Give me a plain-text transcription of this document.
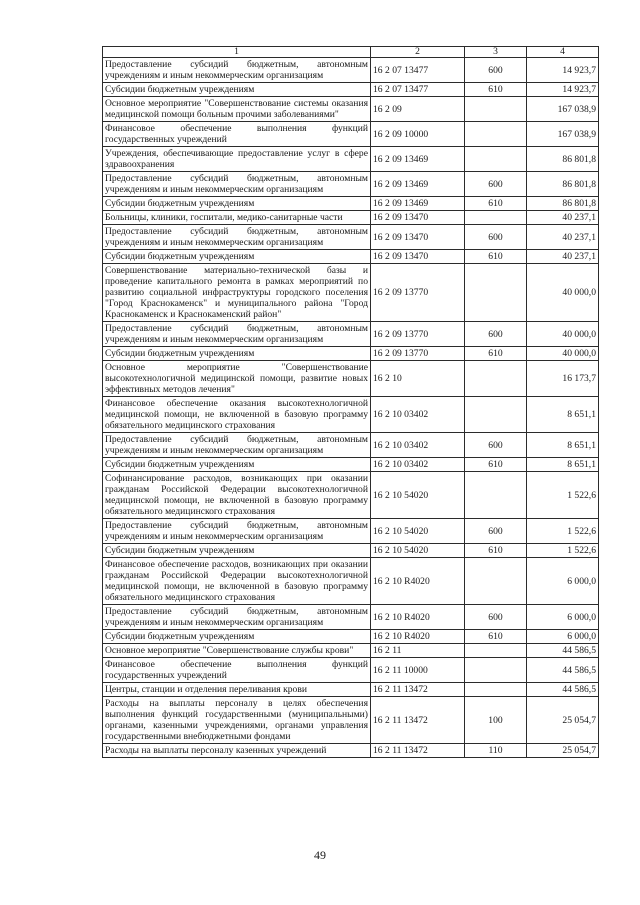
1	2	3	4
Предоставление субсидий бюджетным, автономным учреждениям и иным некоммерческим организациям	16 2 07 13477	600	14 923,7
Субсидии бюджетным учреждениям	16 2 07 13477	610	14 923,7
Основное мероприятие "Совершенствование системы оказания медицинской помощи больным прочими заболеваниями"	16 2 09		167 038,9
Финансовое обеспечение выполнения функций государственных учреждений	16 2 09 10000		167 038,9
Учреждения, обеспечивающие предоставление услуг в сфере здравоохранения	16 2 09 13469		86 801,8
Предоставление субсидий бюджетным, автономным учреждениям и иным некоммерческим организациям	16 2 09 13469	600	86 801,8
Субсидии бюджетным учреждениям	16 2 09 13469	610	86 801,8
Больницы, клиники, госпитали, медико-санитарные части	16 2 09 13470		40 237,1
Предоставление субсидий бюджетным, автономным учреждениям и иным некоммерческим организациям	16 2 09 13470	600	40 237,1
Субсидии бюджетным учреждениям	16 2 09 13470	610	40 237,1
Совершенствование материально-технической базы и проведение капитального ремонта в рамках мероприятий по развитию социальной инфраструктуры городского поселения "Город Краснокаменск" и муниципального района "Город Краснокаменск и Краснокаменский район"	16 2 09 13770		40 000,0
Предоставление субсидий бюджетным, автономным учреждениям и иным некоммерческим организациям	16 2 09 13770	600	40 000,0
Субсидии бюджетным учреждениям	16 2 09 13770	610	40 000,0
Основное мероприятие "Совершенствование высокотехнологичной медицинской помощи, развитие новых эффективных методов лечения"	16 2 10		16 173,7
Финансовое обеспечение оказания высокотехнологичной медицинской помощи, не включенной в базовую программу обязательного медицинского страхования	16 2 10 03402		8 651,1
Предоставление субсидий бюджетным, автономным учреждениям и иным некоммерческим организациям	16 2 10 03402	600	8 651,1
Субсидии бюджетным учреждениям	16 2 10 03402	610	8 651,1
Софинансирование расходов, возникающих при оказании гражданам Российской Федерации высокотехнологичной медицинской помощи, не включенной в базовую программу обязательного медицинского страхования	16 2 10 54020		1 522,6
Предоставление субсидий бюджетным, автономным учреждениям и иным некоммерческим организациям	16 2 10 54020	600	1 522,6
Субсидии бюджетным учреждениям	16 2 10 54020	610	1 522,6
Финансовое обеспечение расходов, возникающих при оказании гражданам Российской Федерации высокотехнологичной медицинской помощи, не включенной в базовую программу обязательного медицинского страхования	16 2 10 R4020		6 000,0
Предоставление субсидий бюджетным, автономным учреждениям и иным некоммерческим организациям	16 2 10 R4020	600	6 000,0
Субсидии бюджетным учреждениям	16 2 10 R4020	610	6 000,0
Основное мероприятие "Совершенствование службы крови"	16 2 11		44 586,5
Финансовое обеспечение выполнения функций государственных учреждений	16 2 11 10000		44 586,5
Центры, станции и отделения переливания крови	16 2 11 13472		44 586,5
Расходы на выплаты персоналу в целях обеспечения выполнения функций государственными (муниципальными) органами, казенными учреждениями, органами управления государственными внебюджетными фондами	16 2 11 13472	100	25 054,7
Расходы на выплаты персоналу казенных учреждений	16 2 11 13472	110	25 054,7
49
